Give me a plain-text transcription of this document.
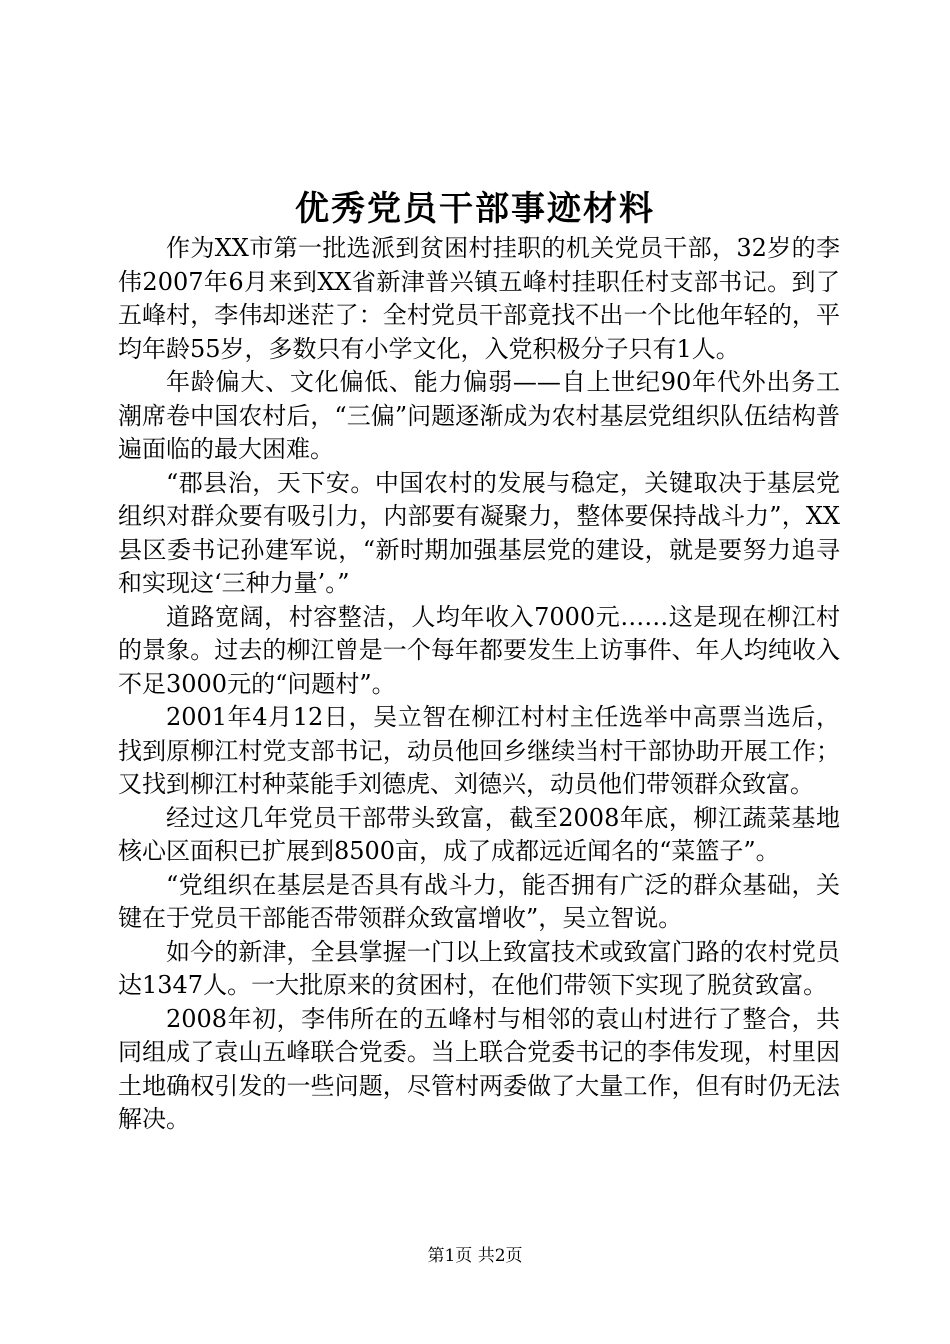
优秀党员干部事迹材料

作为XX市第一批选派到贫困村挂职的机关党员干部，32岁的李伟2007年6月来到XX省新津普兴镇五峰村挂职任村支部书记。到了五峰村，李伟却迷茫了：全村党员干部竟找不出一个比他年轻的，平均年龄55岁，多数只有小学文化，入党积极分子只有1人。

年龄偏大、文化偏低、能力偏弱——自上世纪90年代外出务工潮席卷中国农村后，“三偏”问题逐渐成为农村基层党组织队伍结构普遍面临的最大困难。

“郡县治，天下安。中国农村的发展与稳定，关键取决于基层党组织对群众要有吸引力，内部要有凝聚力，整体要保持战斗力”，XX县区委书记孙建军说，“新时期加强基层党的建设，就是要努力追寻和实现这‘三种力量’。”

道路宽阔，村容整洁，人均年收入7000元……这是现在柳江村的景象。过去的柳江曾是一个每年都要发生上访事件、年人均纯收入不足3000元的“问题村”。

2001年4月12日，吴立智在柳江村村主任选举中高票当选后，找到原柳江村党支部书记，动员他回乡继续当村干部协助开展工作；又找到柳江村种菜能手刘德虎、刘德兴，动员他们带领群众致富。

经过这几年党员干部带头致富，截至2008年底，柳江蔬菜基地核心区面积已扩展到8500亩，成了成都远近闻名的“菜篮子”。

“党组织在基层是否具有战斗力，能否拥有广泛的群众基础，关键在于党员干部能否带领群众致富增收”，吴立智说。

如今的新津，全县掌握一门以上致富技术或致富门路的农村党员达1347人。一大批原来的贫困村，在他们带领下实现了脱贫致富。

2008年初，李伟所在的五峰村与相邻的袁山村进行了整合，共同组成了袁山五峰联合党委。当上联合党委书记的李伟发现，村里因土地确权引发的一些问题，尽管村两委做了大量工作，但有时仍无法解决。

第1页 共2页
